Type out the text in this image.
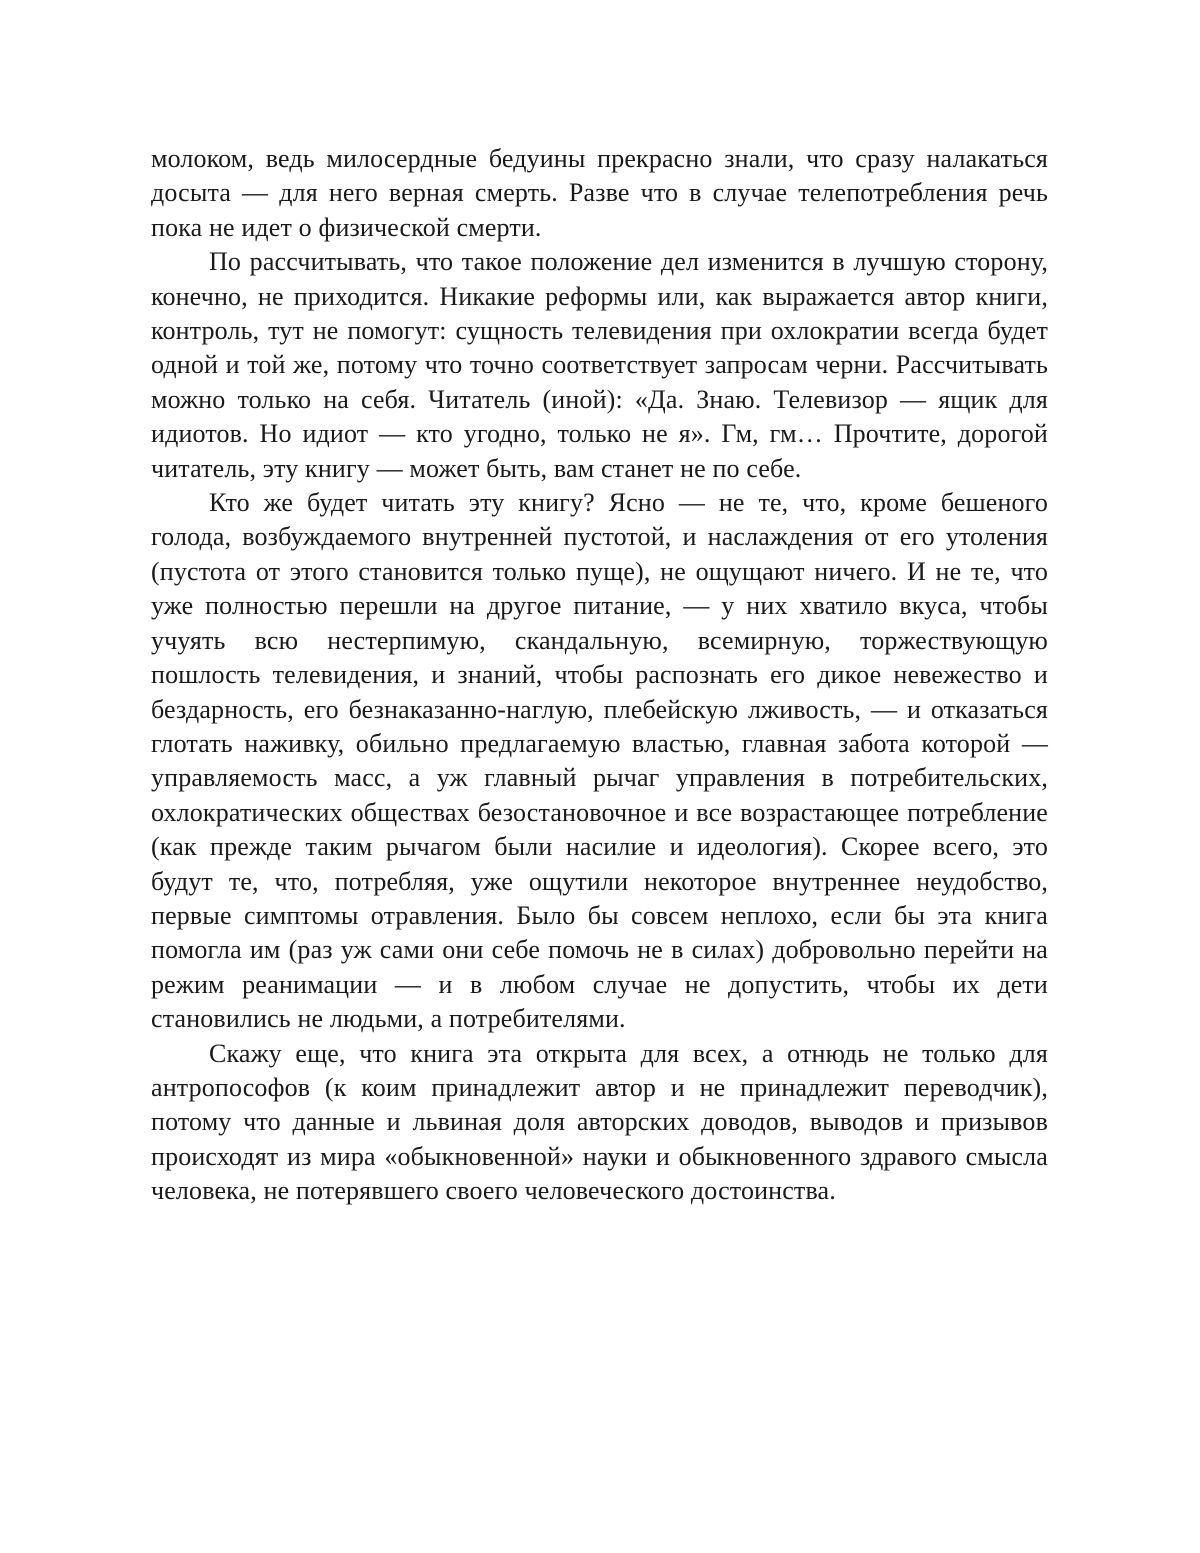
молоком, ведь милосердные бедуины прекрасно знали, что сразу налакаться досыта — для него верная смерть. Разве что в случае телепотребления речь пока не идет о физической смерти.

По рассчитывать, что такое положение дел изменится в лучшую сторону, конечно, не приходится. Никакие реформы или, как выражается автор книги, контроль, тут не помогут: сущность телевидения при охлократии всегда будет одной и той же, потому что точно соответствует запросам черни. Рассчитывать можно только на себя. Читатель (иной): «Да. Знаю. Телевизор — ящик для идиотов. Но идиот — кто угодно, только не я». Гм, гм… Прочтите, дорогой читатель, эту книгу — может быть, вам станет не по себе.

Кто же будет читать эту книгу? Ясно — не те, что, кроме бешеного голода, возбуждаемого внутренней пустотой, и наслаждения от его утоления (пустота от этого становится только пуще), не ощущают ничего. И не те, что уже полностью перешли на другое питание, — у них хватило вкуса, чтобы учуять всю нестерпимую, скандальную, всемирную, торжествующую пошлость телевидения, и знаний, чтобы распознать его дикое невежество и бездарность, его безнаказанно-наглую, плебейскую лживость, — и отказаться глотать наживку, обильно предлагаемую властью, главная забота которой — управляемость масс, а уж главный рычаг управления в потребительских, охлократических обществах безостановочное и все возрастающее потребление (как прежде таким рычагом были насилие и идеология). Скорее всего, это будут те, что, потребляя, уже ощутили некоторое внутреннее неудобство, первые симптомы отравления. Было бы совсем неплохо, если бы эта книга помогла им (раз уж сами они себе помочь не в силах) добровольно перейти на режим реанимации — и в любом случае не допустить, чтобы их дети становились не людьми, а потребителями.

Скажу еще, что книга эта открыта для всех, а отнюдь не только для антропософов (к коим принадлежит автор и не принадлежит переводчик), потому что данные и львиная доля авторских доводов, выводов и призывов происходят из мира «обыкновенной» науки и обыкновенного здравого смысла человека, не потерявшего своего человеческого достоинства.
